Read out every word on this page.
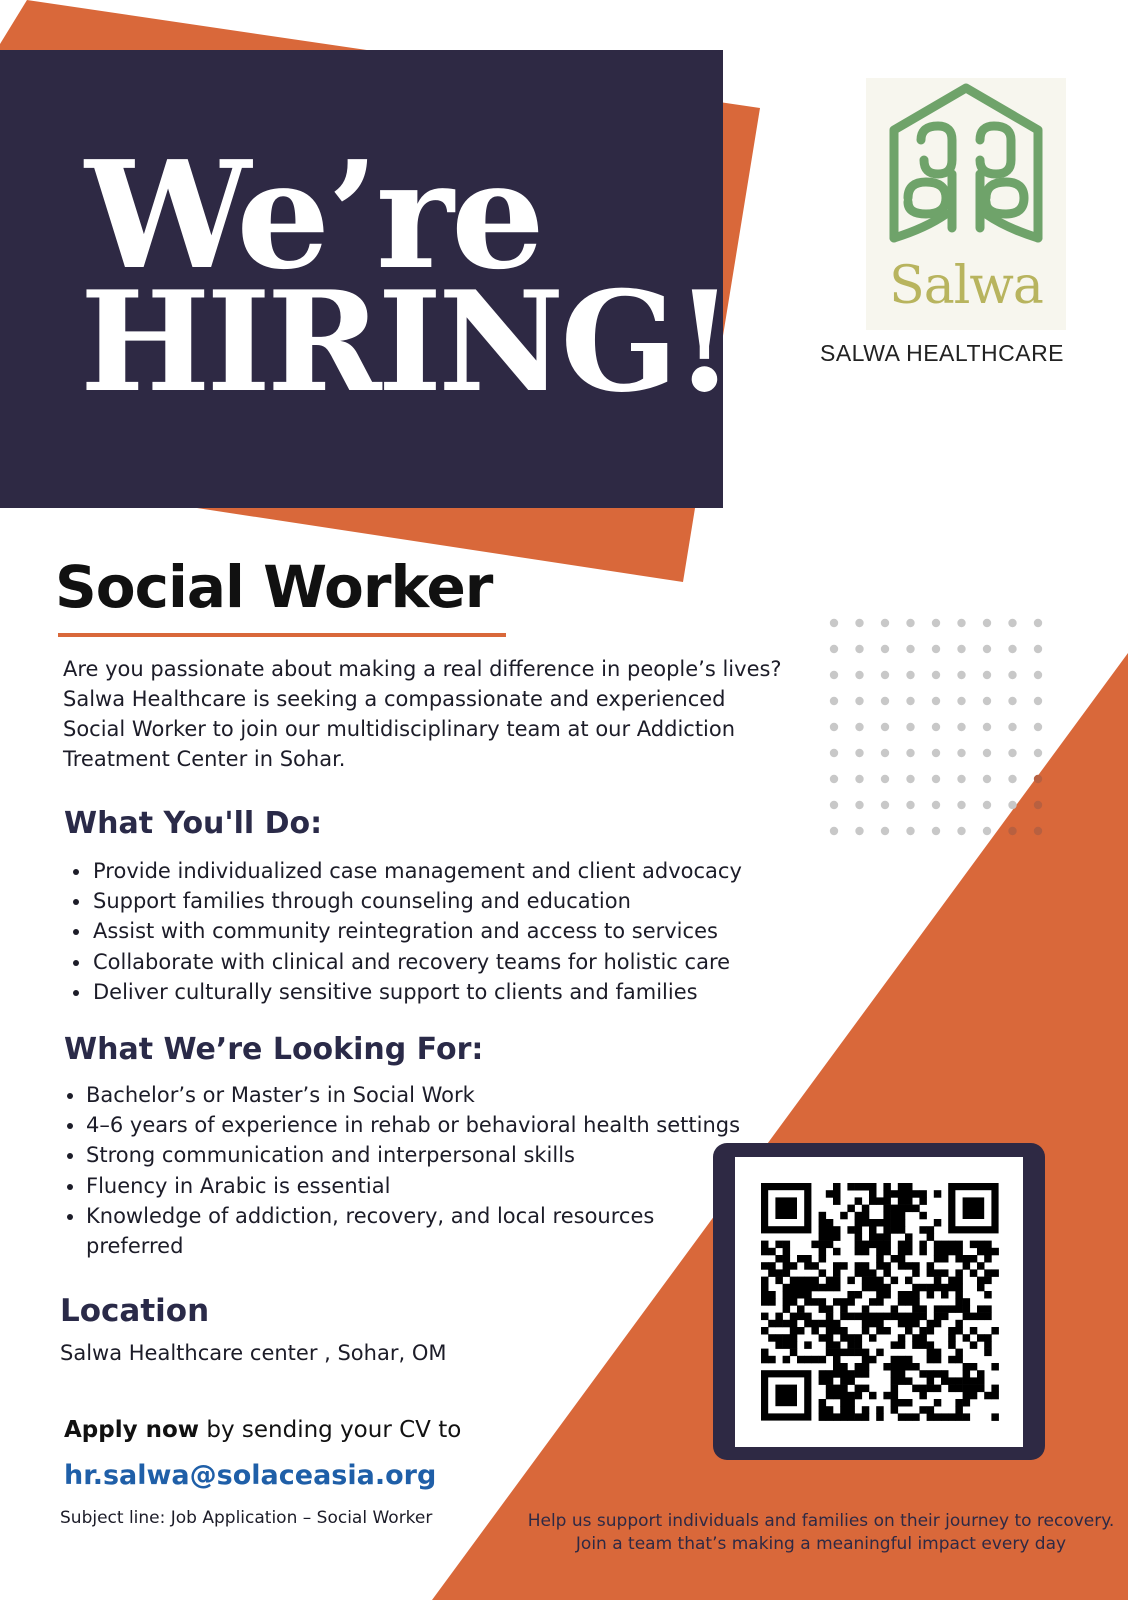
We’re
HIRING!	Salwa
SALWA HEALTHCARE
Social Worker
Are you passionate about making a real difference in people’s lives? Salwa Healthcare is seeking a compassionate and experienced Social Worker to join our multidisciplinary team at our Addiction Treatment Center in Sohar.
What You'll Do:
Provide individualized case management and client advocacy
Support families through counseling and education
Assist with community reintegration and access to services
Collaborate with clinical and recovery teams for holistic care
Deliver culturally sensitive support to clients and families
What We’re Looking For:
Bachelor’s or Master’s in Social Work
4–6 years of experience in rehab or behavioral health settings
Strong communication and interpersonal skills
Fluency in Arabic is essential
Knowledge of addiction, recovery, and local resources preferred
Location
Salwa Healthcare center , Sohar, OM
Apply now by sending your CV to
hr.salwa@solaceasia.org
Subject line: Job Application – Social Worker	Help us support individuals and families on their journey to recovery.
Join a team that’s making a meaningful impact every day
